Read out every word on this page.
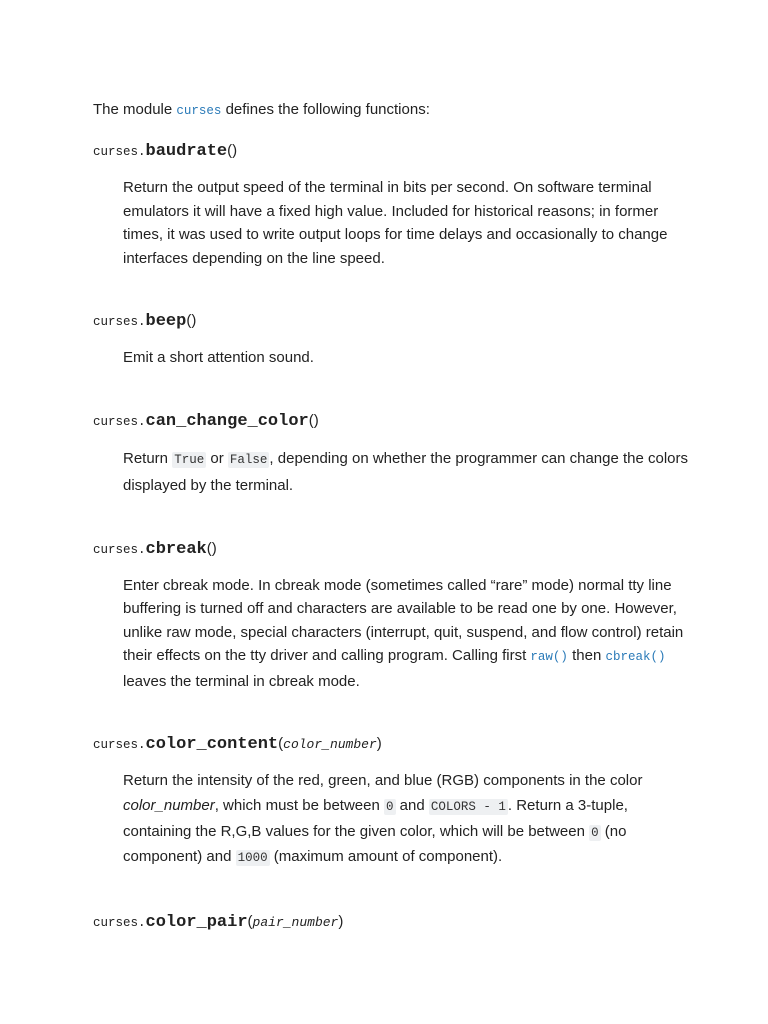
The module curses defines the following functions:

curses.baudrate()

Return the output speed of the terminal in bits per second. On software terminal emulators it will have a fixed high value. Included for historical reasons; in former times, it was used to write output loops for time delays and occasionally to change interfaces depending on the line speed.

curses.beep()

Emit a short attention sound.

curses.can_change_color()

Return True or False , depending on whether the programmer can change the colors displayed by the terminal.

curses.cbreak()

Enter cbreak mode. In cbreak mode (sometimes called “rare” mode) normal tty line buffering is turned off and characters are available to be read one by one. However, unlike raw mode, special characters (interrupt, quit, suspend, and flow control) retain their effects on the tty driver and calling program. Calling first raw() then cbreak() leaves the terminal in cbreak mode.

curses.color_content(color_number)

Return the intensity of the red, green, and blue (RGB) components in the color color_number, which must be between 0 and COLORS - 1 . Return a 3-tuple, containing the R,G,B values for the given color, which will be between 0 (no component) and 1000 (maximum amount of component).

curses.color_pair(pair_number)
